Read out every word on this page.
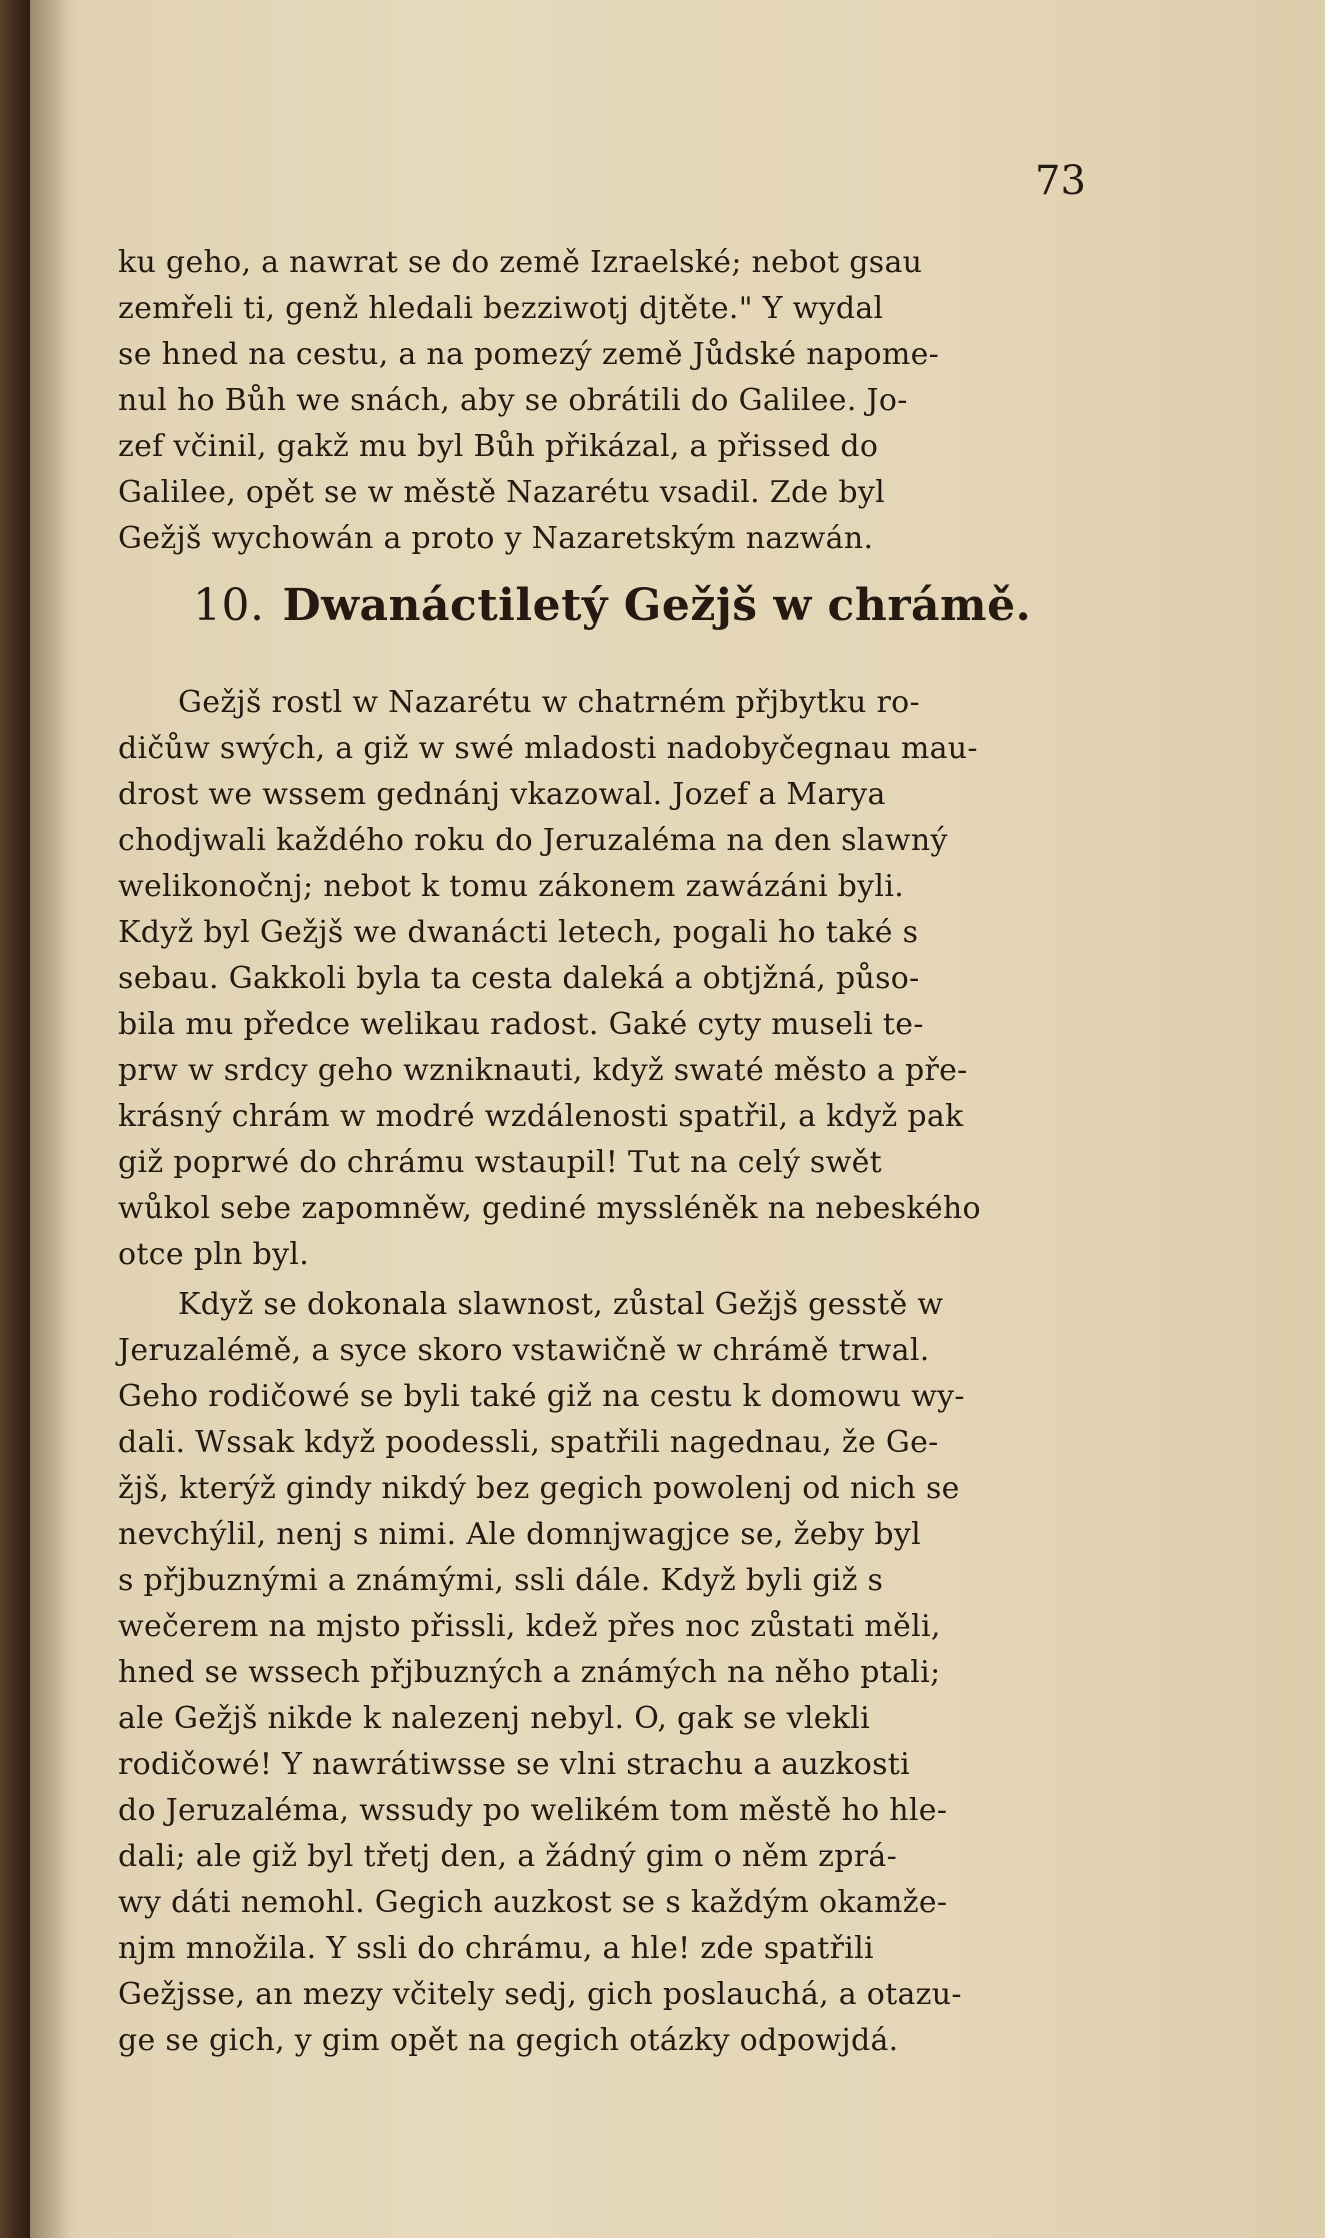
73
ku geho, a nawrat se do země Izraelské; nebot gsau
zemřeli ti, genž hledali bezziwotj djtěte." Y wydal
se hned na cestu, a na pomezý země Jůdské napome-
nul ho Bůh we snách, aby se obrátili do Galilee. Jo-
zef včinil, gakž mu byl Bůh přikázal, a přissed do
Galilee, opět se w městě Nazarétu vsadil. Zde byl
Gežjš wychowán a proto y Nazaretským nazwán.
10. Dwanáctiletý Gežjš w chrámě.
Gežjš rostl w Nazarétu w chatrném přjbytku ro-
dičůw swých, a giž w swé mladosti nadobyčegnau mau-
drost we wssem gednánj vkazowal. Jozef a Marya
chodjwali každého roku do Jeruzaléma na den slawný
welikonočnj; nebot k tomu zákonem zawázáni byli.
Když byl Gežjš we dwanácti letech, pogali ho také s
sebau. Gakkoli byla ta cesta daleká a obtjžná, půso-
bila mu předce welikau radost. Gaké cyty museli te-
prw w srdcy geho wzniknauti, když swaté město a pře-
krásný chrám w modré wzdálenosti spatřil, a když pak
giž poprwé do chrámu wstaupil! Tut na celý swět
wůkol sebe zapomněw, gediné myssléněk na nebeského
otce pln byl.
Když se dokonala slawnost, zůstal Gežjš gesstě w
Jeruzalémě, a syce skoro vstawičně w chrámě trwal.
Geho rodičowé se byli také giž na cestu k domowu wy-
dali. Wssak když poodessli, spatřili nagednau, že Ge-
žjš, kterýž gindy nikdý bez gegich powolenj od nich se
nevchýlil, nenj s nimi. Ale domnjwagjce se, žeby byl
s přjbuznými a známými, ssli dále. Když byli giž s
wečerem na mjsto přissli, kdež přes noc zůstati měli,
hned se wssech přjbuzných a známých na něho ptali;
ale Gežjš nikde k nalezenj nebyl. O, gak se vlekli
rodičowé! Y nawrátiwsse se vlni strachu a auzkosti
do Jeruzaléma, wssudy po welikém tom městě ho hle-
dali; ale giž byl třetj den, a žádný gim o něm zprá-
wy dáti nemohl. Gegich auzkost se s každým okamže-
njm množila. Y ssli do chrámu, a hle! zde spatřili
Gežjsse, an mezy včitely sedj, gich poslauchá, a otazu-
ge se gich, y gim opět na gegich otázky odpowjdá.
